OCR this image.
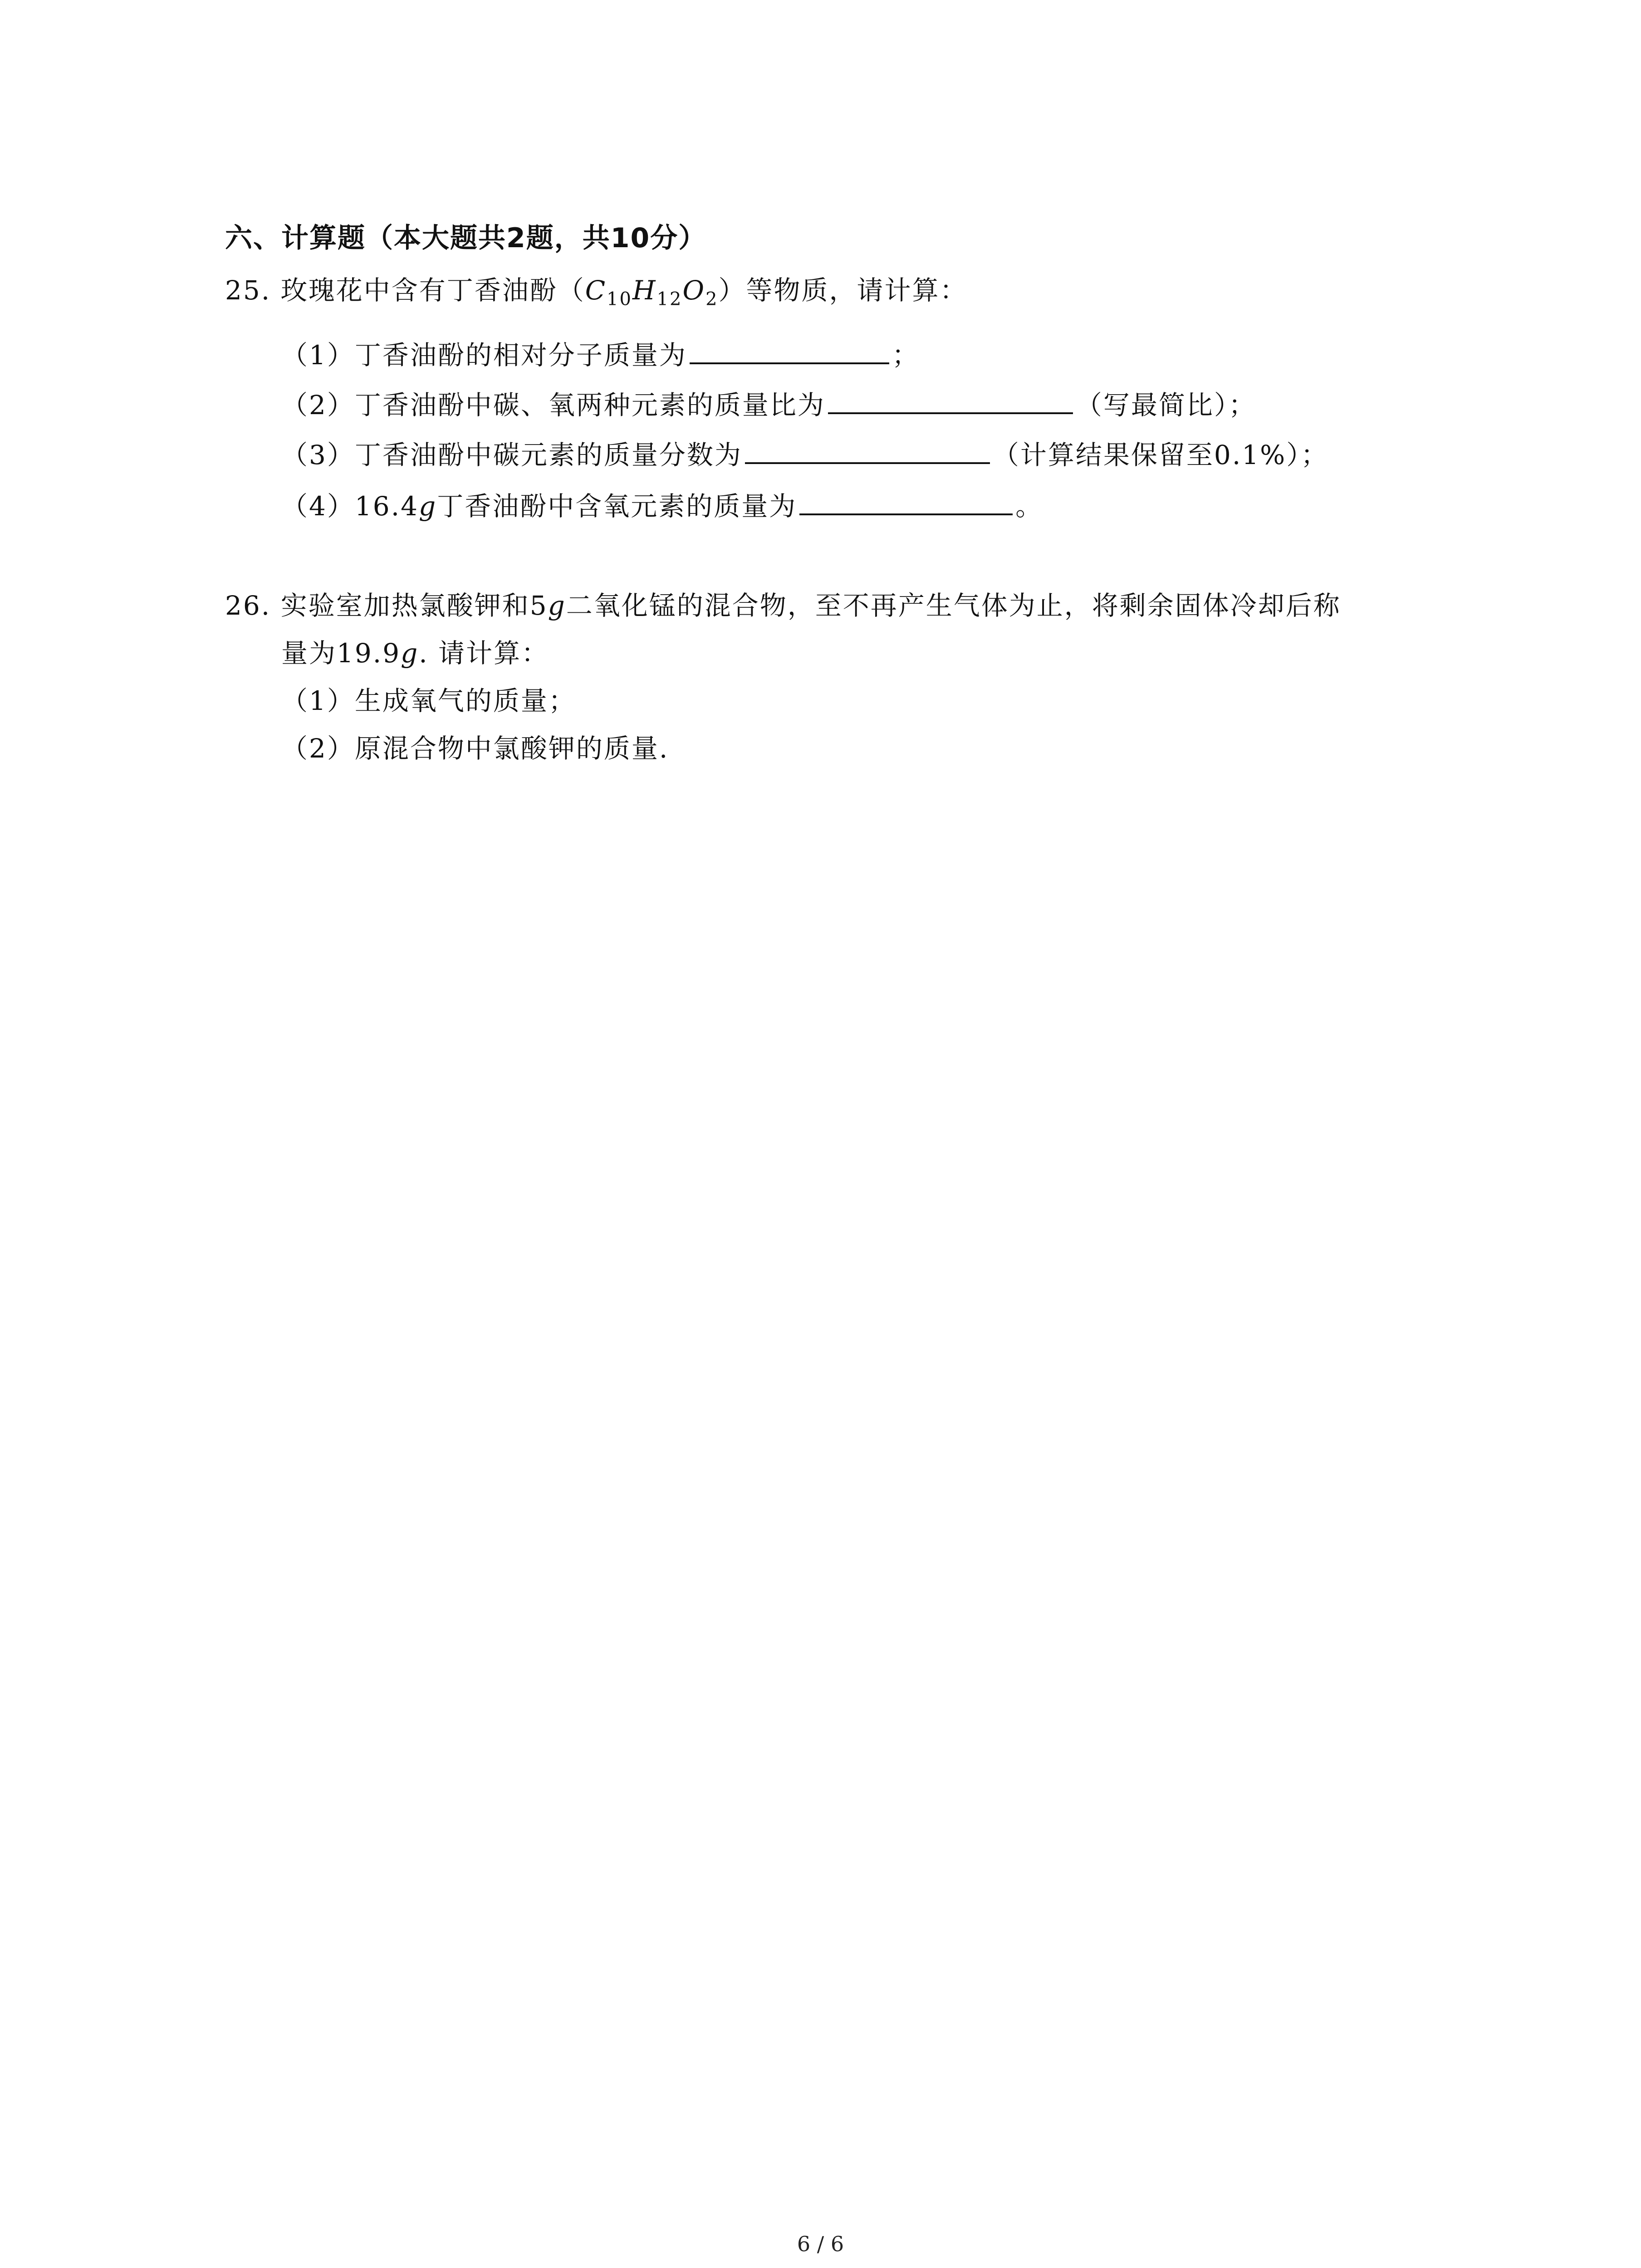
六、计算题（本大题共2题，共10分）
25. 玫瑰花中含有丁香油酚$(C_{10}H_{12}O_2)$等物质，请计算：
（1）丁香油酚的相对分子质量为	；
（2）丁香油酚中碳、氧两种元素的质量比为	（写最简比）；
（3）丁香油酚中碳元素的质量分数为	（计算结果保留至0.1%）；
（4）16.4g丁香油酚中含氧元素的质量为	。
26. 实验室加热氯酸钾和5g二氧化锰的混合物，至不再产生气体为止，将剩余固体冷却后称
量为19.9g. 请计算：
（1）生成氧气的质量；
（2）原混合物中氯酸钾的质量.
6 / 6
